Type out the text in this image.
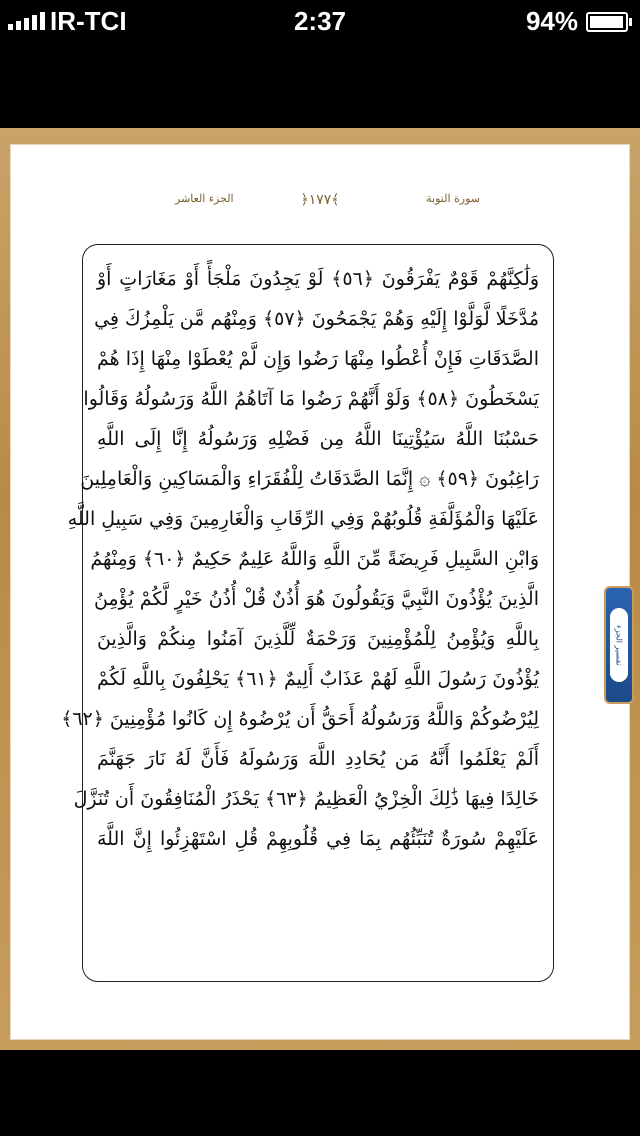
IR-TCI	2:37	94%
الجزء العاشر	﴿١٧٧﴾	سورة التوبة
وَلَٰكِنَّهُمْ قَوْمٌ يَفْرَقُونَ ﴿٥٦﴾ لَوْ يَجِدُونَ مَلْجَأً أَوْ مَغَارَاتٍ أَوْ
مُدَّخَلًا لَّوَلَّوْا إِلَيْهِ وَهُمْ يَجْمَحُونَ ﴿٥٧﴾ وَمِنْهُم مَّن يَلْمِزُكَ فِي
الصَّدَقَاتِ فَإِنْ أُعْطُوا مِنْهَا رَضُوا وَإِن لَّمْ يُعْطَوْا مِنْهَا إِذَا هُمْ
يَسْخَطُونَ ﴿٥٨﴾ وَلَوْ أَنَّهُمْ رَضُوا مَا آتَاهُمُ اللَّهُ وَرَسُولُهُ وَقَالُوا
حَسْبُنَا اللَّهُ سَيُؤْتِينَا اللَّهُ مِن فَضْلِهِ وَرَسُولُهُ إِنَّا إِلَى اللَّهِ
رَاغِبُونَ ﴿٥٩﴾ ۞ إِنَّمَا الصَّدَقَاتُ لِلْفُقَرَاءِ وَالْمَسَاكِينِ وَالْعَامِلِينَ
عَلَيْهَا وَالْمُؤَلَّفَةِ قُلُوبُهُمْ وَفِي الرِّقَابِ وَالْغَارِمِينَ وَفِي سَبِيلِ اللَّهِ
وَابْنِ السَّبِيلِ فَرِيضَةً مِّنَ اللَّهِ وَاللَّهُ عَلِيمٌ حَكِيمٌ ﴿٦٠﴾ وَمِنْهُمُ
الَّذِينَ يُؤْذُونَ النَّبِيَّ وَيَقُولُونَ هُوَ أُذُنٌ قُلْ أُذُنُ خَيْرٍ لَّكُمْ يُؤْمِنُ
بِاللَّهِ وَيُؤْمِنُ لِلْمُؤْمِنِينَ وَرَحْمَةٌ لِّلَّذِينَ آمَنُوا مِنكُمْ وَالَّذِينَ
يُؤْذُونَ رَسُولَ اللَّهِ لَهُمْ عَذَابٌ أَلِيمٌ ﴿٦١﴾ يَحْلِفُونَ بِاللَّهِ لَكُمْ
لِيُرْضُوكُمْ وَاللَّهُ وَرَسُولُهُ أَحَقُّ أَن يُرْضُوهُ إِن كَانُوا مُؤْمِنِينَ ﴿٦٢﴾
أَلَمْ يَعْلَمُوا أَنَّهُ مَن يُحَادِدِ اللَّهَ وَرَسُولَهُ فَأَنَّ لَهُ نَارَ جَهَنَّمَ
خَالِدًا فِيهَا ذَٰلِكَ الْخِزْيُ الْعَظِيمُ ﴿٦٣﴾ يَحْذَرُ الْمُنَافِقُونَ أَن تُنَزَّلَ
عَلَيْهِمْ سُورَةٌ تُنَبِّئُهُم بِمَا فِي قُلُوبِهِمْ قُلِ اسْتَهْزِئُوا إِنَّ اللَّهَ
تفسیر الجزء
